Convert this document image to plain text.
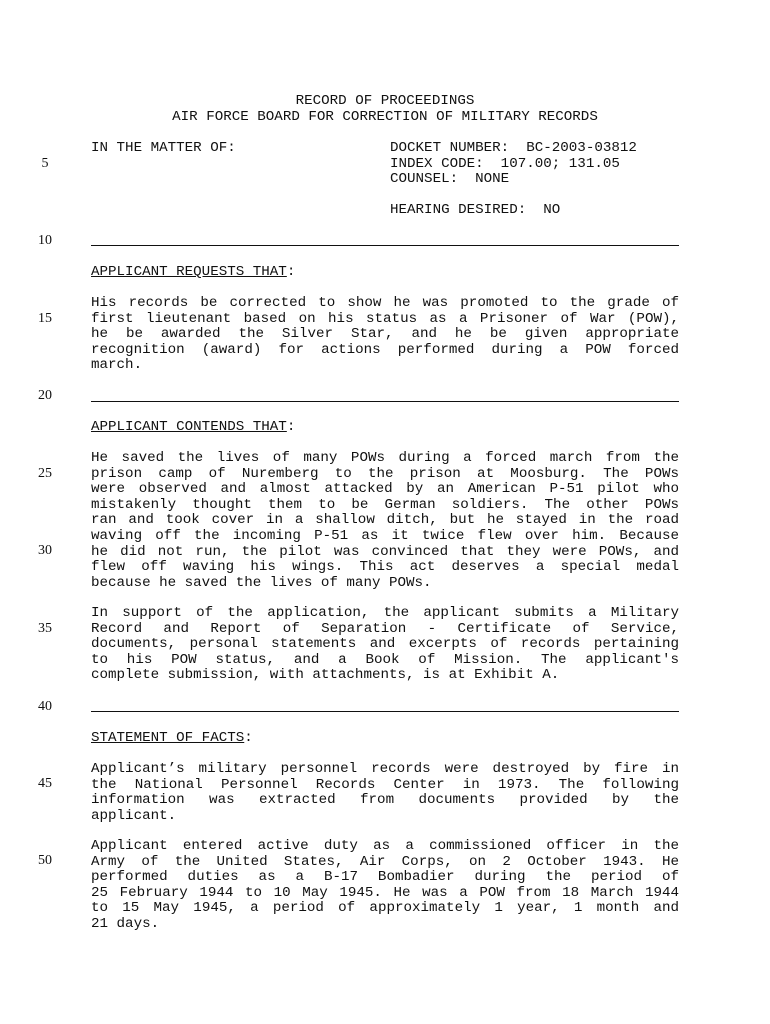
RECORD OF PROCEEDINGS
AIR FORCE BOARD FOR CORRECTION OF MILITARY RECORDS
IN THE MATTER OF:	DOCKET NUMBER:  BC-2003-03812
INDEX CODE:  107.00; 131.05
COUNSEL:  NONE
HEARING DESIRED:  NO
5
10
15
20
25
30
35
40
45
50
APPLICANT REQUESTS THAT:
His records be corrected to show he was promoted to the grade of
first lieutenant based on his status as a Prisoner of War (POW),
he be awarded the Silver Star, and he be given appropriate
recognition (award) for actions performed during a POW forced
march.
APPLICANT CONTENDS THAT:
He saved the lives of many POWs during a forced march from the
prison camp of Nuremberg to the prison at Moosburg. The POWs
were observed and almost attacked by an American P-51 pilot who
mistakenly thought them to be German soldiers. The other POWs
ran and took cover in a shallow ditch, but he stayed in the road
waving off the incoming P-51 as it twice flew over him. Because
he did not run, the pilot was convinced that they were POWs, and
flew off waving his wings. This act deserves a special medal
because he saved the lives of many POWs.
In support of the application, the applicant submits a Military
Record and Report of Separation - Certificate of Service,
documents, personal statements and excerpts of records pertaining
to his POW status, and a Book of Mission. The applicant's
complete submission, with attachments, is at Exhibit A.
STATEMENT OF FACTS:
Applicant’s military personnel records were destroyed by fire in
the National Personnel Records Center in 1973. The following
information was extracted from documents provided by the
applicant.
Applicant entered active duty as a commissioned officer in the
Army of the United States, Air Corps, on 2 October 1943. He
performed duties as a B-17 Bombadier during the period of
25 February 1944 to 10 May 1945. He was a POW from 18 March 1944
to 15 May 1945, a period of approximately 1 year, 1 month and
21 days.
